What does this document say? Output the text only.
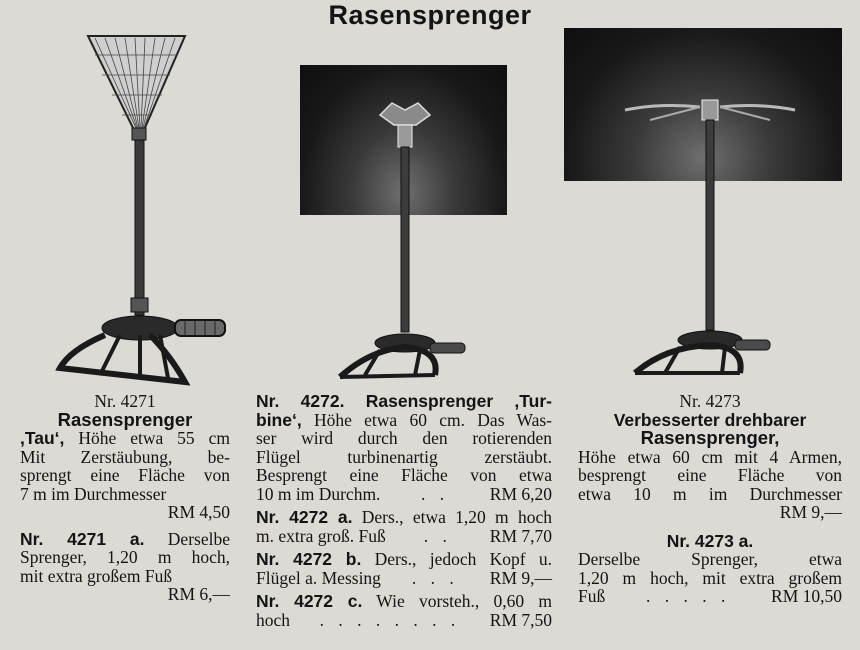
Rasensprenger
Nr. 4271
Rasensprenger
,Tau‘, Höhe etwa 55 cm
Mit Zerstäubung, be-
sprengt eine Fläche von
7 m im Durchmesser
RM 4,50
Nr. 4271 a. Derselbe
Sprenger, 1,20 m hoch,
mit extra großem Fuß
RM 6,—
Nr. 4272. Rasensprenger ,Tur-
bine‘, Höhe etwa 60 cm. Das Was-
ser wird durch den rotierenden
Flügel turbinenartig zerstäubt.
Besprengt eine Fläche von etwa
10 m im Durchm.	. .	RM 6,20
Nr. 4272 a. Ders., etwa 1,20 m hoch
m. extra groß. Fuß	. .	RM 7,70
Nr. 4272 b. Ders., jedoch Kopf u.
Flügel a. Messing	. . .	RM 9,—
Nr. 4272 c. Wie vorsteh., 0,60 m
hoch	. . . . . . . .	RM 7,50
Nr. 4273
Verbesserter drehbarer
Rasensprenger,
Höhe etwa 60 cm mit 4 Armen,
besprengt eine Fläche von
etwa 10 m im Durchmesser
RM 9,—
Nr. 4273 a.
Derselbe Sprenger, etwa
1,20 m hoch, mit extra großem
Fuß	. . . . .	RM 10,50
